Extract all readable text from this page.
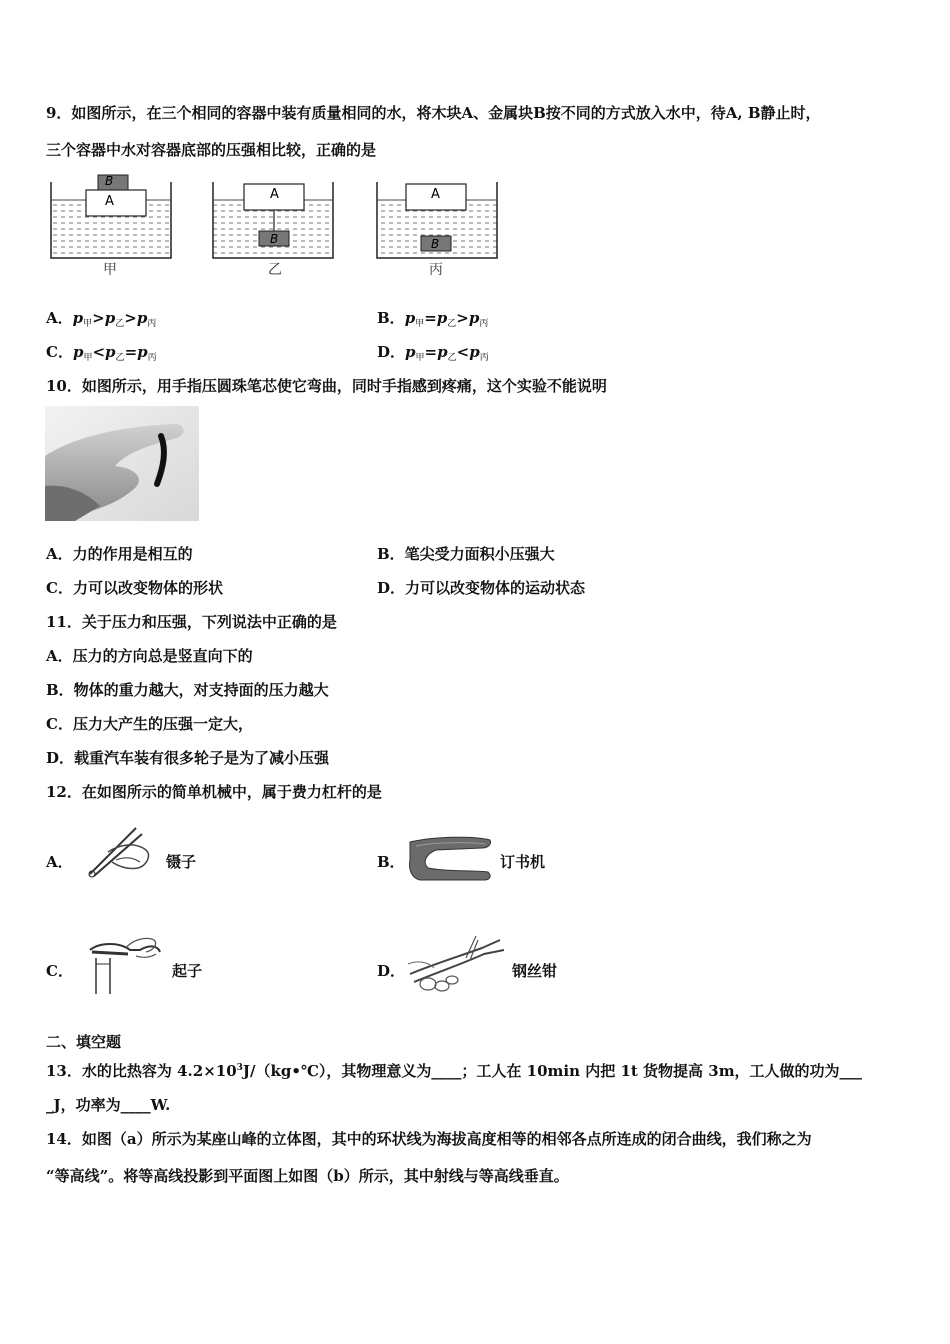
9．如图所示，在三个相同的容器中装有质量相同的水，将木块A、金属块B按不同的方式放入水中，待A, B静止时，
三个容器中水对容器底部的压强相比较，正确的是
B
A	A
B
A
B
甲	乙	丙
A．$p_甲>p_乙>p_丙$	B．$p_甲=p_乙>p_丙$
C．$p_甲<p_乙=p_丙$	D．$p_甲=p_乙<p_丙$
10．如图所示，用手指压圆珠笔芯使它弯曲，同时手指感到疼痛，这个实验不能说明
A．力的作用是相互的	B．笔尖受力面积小压强大
C．力可以改变物体的形状	D．力可以改变物体的运动状态
11．关于压力和压强，下列说法中正确的是
A．压力的方向总是竖直向下的
B．物体的重力越大，对支持面的压力越大
C．压力大产生的压强一定大，
D．载重汽车装有很多轮子是为了减小压强
12．在如图所示的简单机械中，属于费力杠杆的是
A．	镊子	B．	订书机
C．	起子	D．	钢丝钳
二、填空题
13．水的比热容为 $4.2\times 10^3J/(kg•℃)$，其物理意义为____；工人在 10min 内把 1t 货物提高 3m，工人做的功为___
_J，功率为____W.
14．如图（a）所示为某座山峰的立体图，其中的环状线为海拔高度相等的相邻各点所连成的闭合曲线，我们称之为
“等高线”。将等高线投影到平面图上如图（b）所示，其中射线与等高线垂直。
